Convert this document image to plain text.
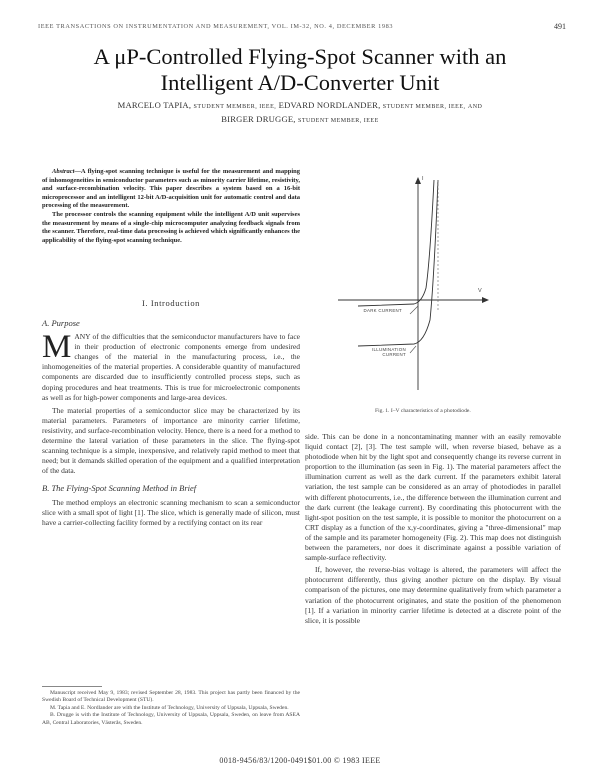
IEEE TRANSACTIONS ON INSTRUMENTATION AND MEASUREMENT, VOL. IM-32, NO. 4, DECEMBER 1983	491
A μP-Controlled Flying-Spot Scanner with an
Intelligent A/D-Converter Unit
MARCELO TAPIA, STUDENT MEMBER, IEEE, EDVARD NORDLANDER, STUDENT MEMBER, IEEE, AND
BIRGER DRUGGE, STUDENT MEMBER, IEEE

Abstract—A flying-spot scanning technique is useful for the measurement and mapping of inhomogeneities in semiconductor parameters such as minority carrier lifetime, resistivity, and surface-recombination velocity. This paper describes a system based on a 16-bit microprocessor and an intelligent 12-bit A/D-acquisition unit for automatic control and data processing of the measurement.

The processor controls the scanning equipment while the intelligent A/D unit supervises the measurement by means of a single-chip microcomputer analyzing feedback signals from the scanner. Therefore, real-time data processing is achieved which significantly enhances the applicability of the flying-spot scanning technique.

I. Introduction
A. Purpose

MANY of the difficulties that the semiconductor manufacturers have to face in their production of electronic components emerge from undesired changes of the material in the manufacturing process, i.e., the inhomogeneities of the material properties. A considerable quantity of manufactured components are discarded due to insufficiently controlled process steps, such as doping procedures and heat treatments. This is true for microelectronic components as well as for high-power components and large-area devices.

The material properties of a semiconductor slice may be characterized by its material parameters. Parameters of importance are minority carrier lifetime, resistivity, and surface-recombination velocity. Hence, there is a need for a method to determine the lateral variation of these parameters in the slice. The flying-spot scanning technique is a simple, inexpensive, and relatively rapid method to meet that need; but it demands skilled operation of the equipment and a qualified interpretation of the data.

B. The Flying-Spot Scanning Method in Brief

The method employs an electronic scanning mechanism to scan a semiconductor slice with a small spot of light [1]. The slice, which is generally made of silicon, must have a carrier-collecting facility formed by a rectifying contact on its rear

Manuscript received May 9, 1983; revised September 28, 1983. This project has partly been financed by the Swedish Board of Technical Development (STU).

M. Tapia and E. Nordlander are with the Institute of Technology, University of Uppsala, Uppsala, Sweden.

B. Drugge is with the Institute of Technology, University of Uppsala, Uppsala, Sweden, on leave from ASEA AB, Central Laboratories, Västerås, Sweden.

I
V
DARK CURRENT
ILLUMINATION CURRENT
Fig. 1. I–V characteristics of a photodiode.

side. This can be done in a noncontaminating manner with an easily removable liquid contact [2], [3]. The test sample will, when reverse biased, behave as a photodiode when hit by the light spot and consequently change its reverse current in proportion to the illumination (as seen in Fig. 1). The material parameters affect the illumination current as well as the dark current. If the parameters exhibit lateral variation, the test sample can be considered as an array of photodiodes in parallel with different photocurrents, i.e., the difference between the illumination current and the dark current (the leakage current). By coordinating this photocurrent with the light-spot position on the test sample, it is possible to monitor the photocurrent on a CRT display as a function of the x,y-coordinates, giving a "three-dimensional" map of the sample and its parameter homogeneity (Fig. 2). This map does not distinguish between the parameters, nor does it discriminate against a possible variation of sample-surface reflectivity.

If, however, the reverse-bias voltage is altered, the parameters will affect the photocurrent differently, thus giving another picture on the display. By visual comparison of the pictures, one may determine qualitatively from which parameter a variation of the photocurrent originates, and state the position of the phenomenon [1]. If a variation in minority carrier lifetime is detected at a discrete point of the slice, it is possible

0018-9456/83/1200-0491$01.00 © 1983 IEEE
